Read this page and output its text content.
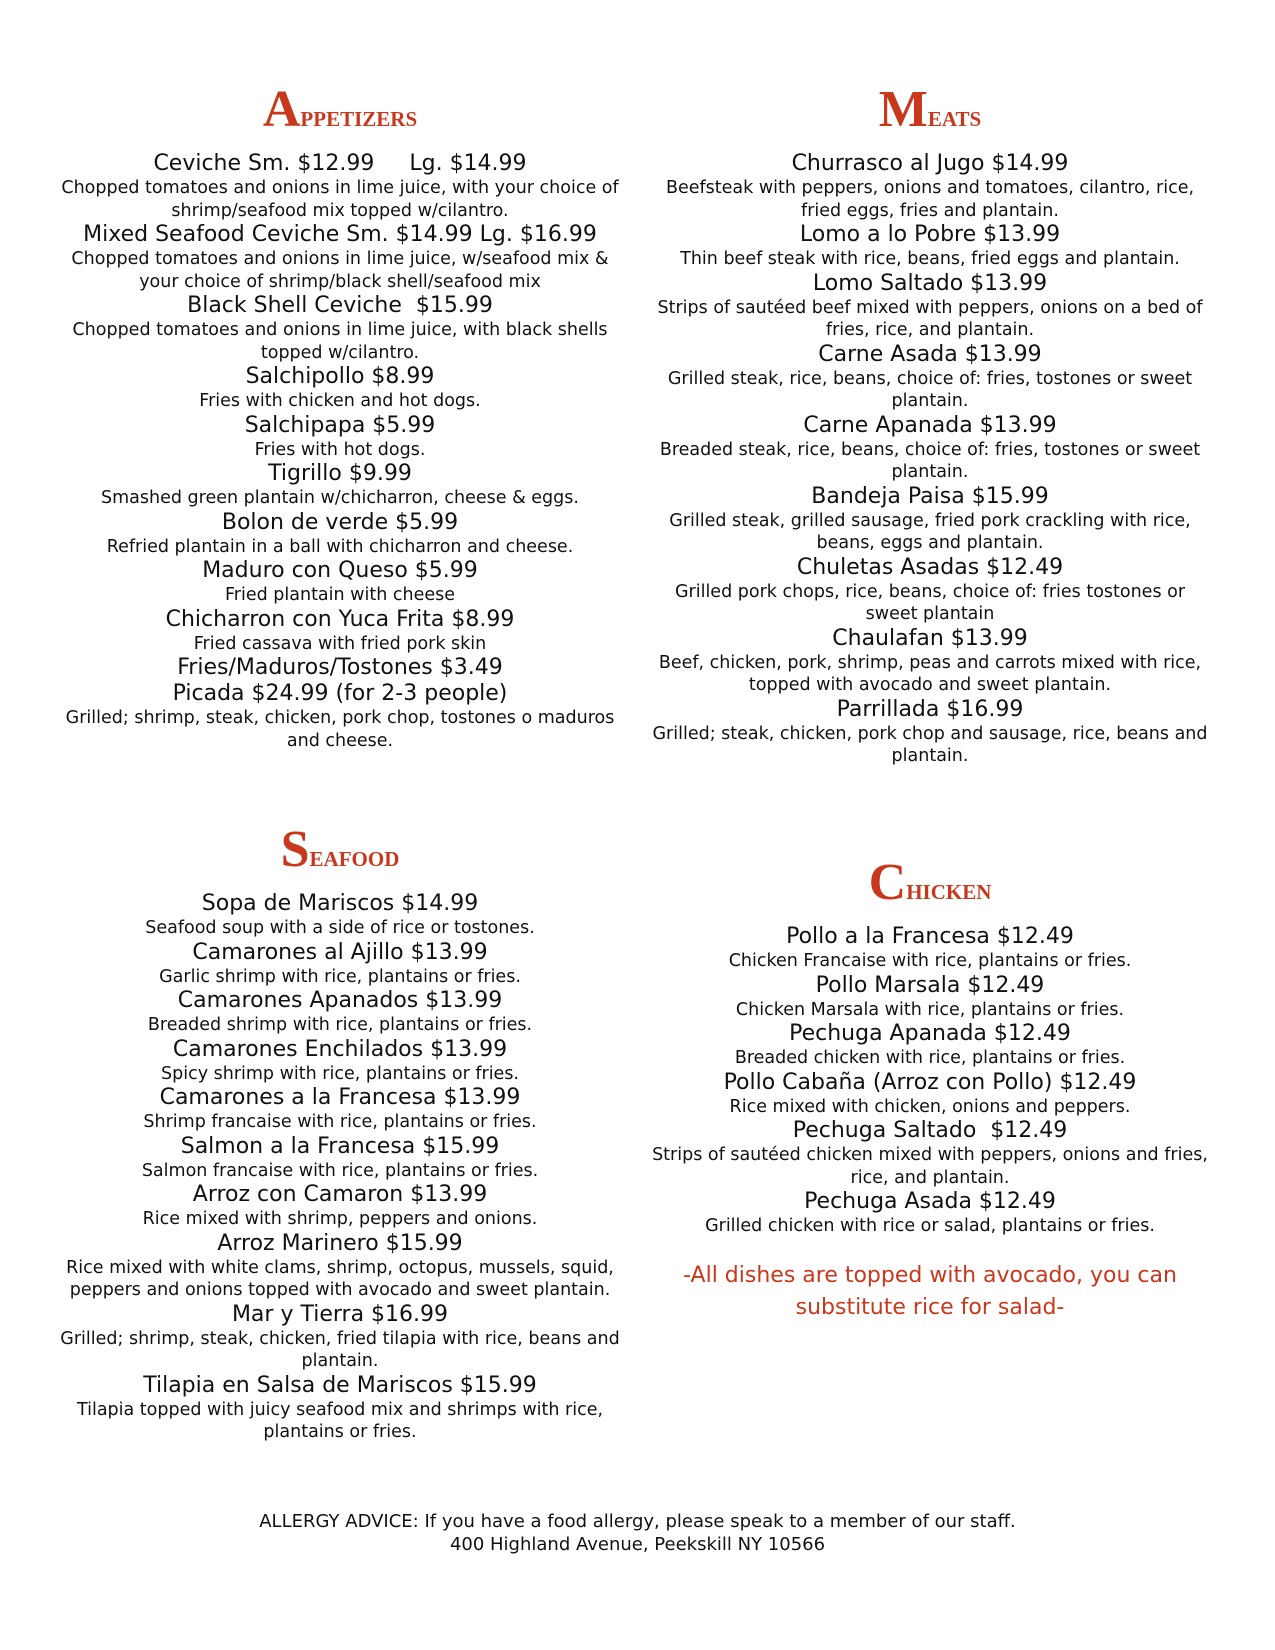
Appetizers
Ceviche Sm. $12.99     Lg. $14.99
Chopped tomatoes and onions in lime juice, with your choice of shrimp/seafood mix topped w/cilantro.
Mixed Seafood Ceviche Sm. $14.99 Lg. $16.99
Chopped tomatoes and onions in lime juice, w/seafood mix & your choice of shrimp/black shell/seafood mix
Black Shell Ceviche  $15.99
Chopped tomatoes and onions in lime juice, with black shells topped w/cilantro.
Salchipollo $8.99
Fries with chicken and hot dogs.
Salchipapa $5.99
Fries with hot dogs.
Tigrillo $9.99
Smashed green plantain w/chicharron, cheese & eggs.
Bolon de verde $5.99
Refried plantain in a ball with chicharron and cheese.
Maduro con Queso $5.99
Fried plantain with cheese
Chicharron con Yuca Frita $8.99
Fried cassava with fried pork skin
Fries/Maduros/Tostones $3.49
Picada $24.99 (for 2-3 people)
Grilled; shrimp, steak, chicken, pork chop, tostones o maduros and cheese.
Seafood
Sopa de Mariscos $14.99
Seafood soup with a side of rice or tostones.
Camarones al Ajillo $13.99
Garlic shrimp with rice, plantains or fries.
Camarones Apanados $13.99
Breaded shrimp with rice, plantains or fries.
Camarones Enchilados $13.99
Spicy shrimp with rice, plantains or fries.
Camarones a la Francesa $13.99
Shrimp francaise with rice, plantains or fries.
Salmon a la Francesa $15.99
Salmon francaise with rice, plantains or fries.
Arroz con Camaron $13.99
Rice mixed with shrimp, peppers and onions.
Arroz Marinero $15.99
Rice mixed with white clams, shrimp, octopus, mussels, squid, peppers and onions topped with avocado and sweet plantain.
Mar y Tierra $16.99
Grilled; shrimp, steak, chicken, fried tilapia with rice, beans and plantain.
Tilapia en Salsa de Mariscos $15.99
Tilapia topped with juicy seafood mix and shrimps with rice, plantains or fries.
Meats
Churrasco al Jugo $14.99
Beefsteak with peppers, onions and tomatoes, cilantro, rice, fried eggs, fries and plantain.
Lomo a lo Pobre $13.99
Thin beef steak with rice, beans, fried eggs and plantain.
Lomo Saltado $13.99
Strips of sautéed beef mixed with peppers, onions on a bed of fries, rice, and plantain.
Carne Asada $13.99
Grilled steak, rice, beans, choice of: fries, tostones or sweet plantain.
Carne Apanada $13.99
Breaded steak, rice, beans, choice of: fries, tostones or sweet plantain.
Bandeja Paisa $15.99
Grilled steak, grilled sausage, fried pork crackling with rice, beans, eggs and plantain.
Chuletas Asadas $12.49
Grilled pork chops, rice, beans, choice of: fries tostones or sweet plantain
Chaulafan $13.99
Beef, chicken, pork, shrimp, peas and carrots mixed with rice, topped with avocado and sweet plantain.
Parrillada $16.99
Grilled; steak, chicken, pork chop and sausage, rice, beans and plantain.
Chicken
Pollo a la Francesa $12.49
Chicken Francaise with rice, plantains or fries.
Pollo Marsala $12.49
Chicken Marsala with rice, plantains or fries.
Pechuga Apanada $12.49
Breaded chicken with rice, plantains or fries.
Pollo Cabaña (Arroz con Pollo) $12.49
Rice mixed with chicken, onions and peppers.
Pechuga Saltado  $12.49
Strips of sautéed chicken mixed with peppers, onions and fries, rice, and plantain.
Pechuga Asada $12.49
Grilled chicken with rice or salad, plantains or fries.
-All dishes are topped with avocado, you can substitute rice for salad-
ALLERGY ADVICE: If you have a food allergy, please speak to a member of our staff.
400 Highland Avenue, Peekskill NY 10566
